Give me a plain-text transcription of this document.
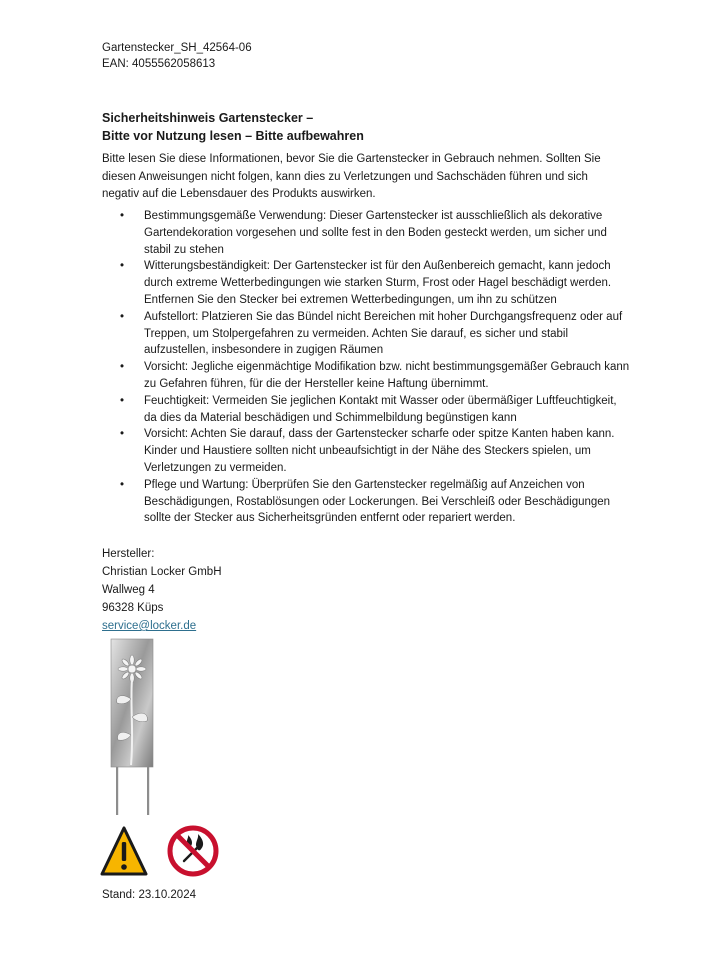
Gartenstecker_SH_42564-06
EAN: 4055562058613
Sicherheitshinweis Gartenstecker –
Bitte vor Nutzung lesen – Bitte aufbewahren
Bitte lesen Sie diese Informationen, bevor Sie die Gartenstecker in Gebrauch nehmen. Sollten Sie diesen Anweisungen nicht folgen, kann dies zu Verletzungen und Sachschäden führen und sich negativ auf die Lebensdauer des Produkts auswirken.
• Bestimmungsgemäße Verwendung: Dieser Gartenstecker ist ausschließlich als dekorative Gartendekoration vorgesehen und sollte fest in den Boden gesteckt werden, um sicher und stabil zu stehen
• Witterungsbeständigkeit: Der Gartenstecker ist für den Außenbereich gemacht, kann jedoch durch extreme Wetterbedingungen wie starken Sturm, Frost oder Hagel beschädigt werden. Entfernen Sie den Stecker bei extremen Wetterbedingungen, um ihn zu schützen
• Aufstellort: Platzieren Sie das Bündel nicht Bereichen mit hoher Durchgangsfrequenz oder auf Treppen, um Stolpergefahren zu vermeiden. Achten Sie darauf, es sicher und stabil aufzustellen, insbesondere in zugigen Räumen
• Vorsicht: Jegliche eigenmächtige Modifikation bzw. nicht bestimmungsgemäßer Gebrauch kann zu Gefahren führen, für die der Hersteller keine Haftung übernimmt.
• Feuchtigkeit: Vermeiden Sie jeglichen Kontakt mit Wasser oder übermäßiger Luftfeuchtigkeit, da dies da Material beschädigen und Schimmelbildung begünstigen kann
• Vorsicht: Achten Sie darauf, dass der Gartenstecker scharfe oder spitze Kanten haben kann. Kinder und Haustiere sollten nicht unbeaufsichtigt in der Nähe des Steckers spielen, um Verletzungen zu vermeiden.
• Pflege und Wartung: Überprüfen Sie den Gartenstecker regelmäßig auf Anzeichen von Beschädigungen, Rostablösungen oder Lockerungen. Bei Verschleiß oder Beschädigungen sollte der Stecker aus Sicherheitsgründen entfernt oder repariert werden.
Hersteller:
Christian Locker GmbH
Wallweg 4
96328 Küps
service@locker.de
Stand: 23.10.2024
